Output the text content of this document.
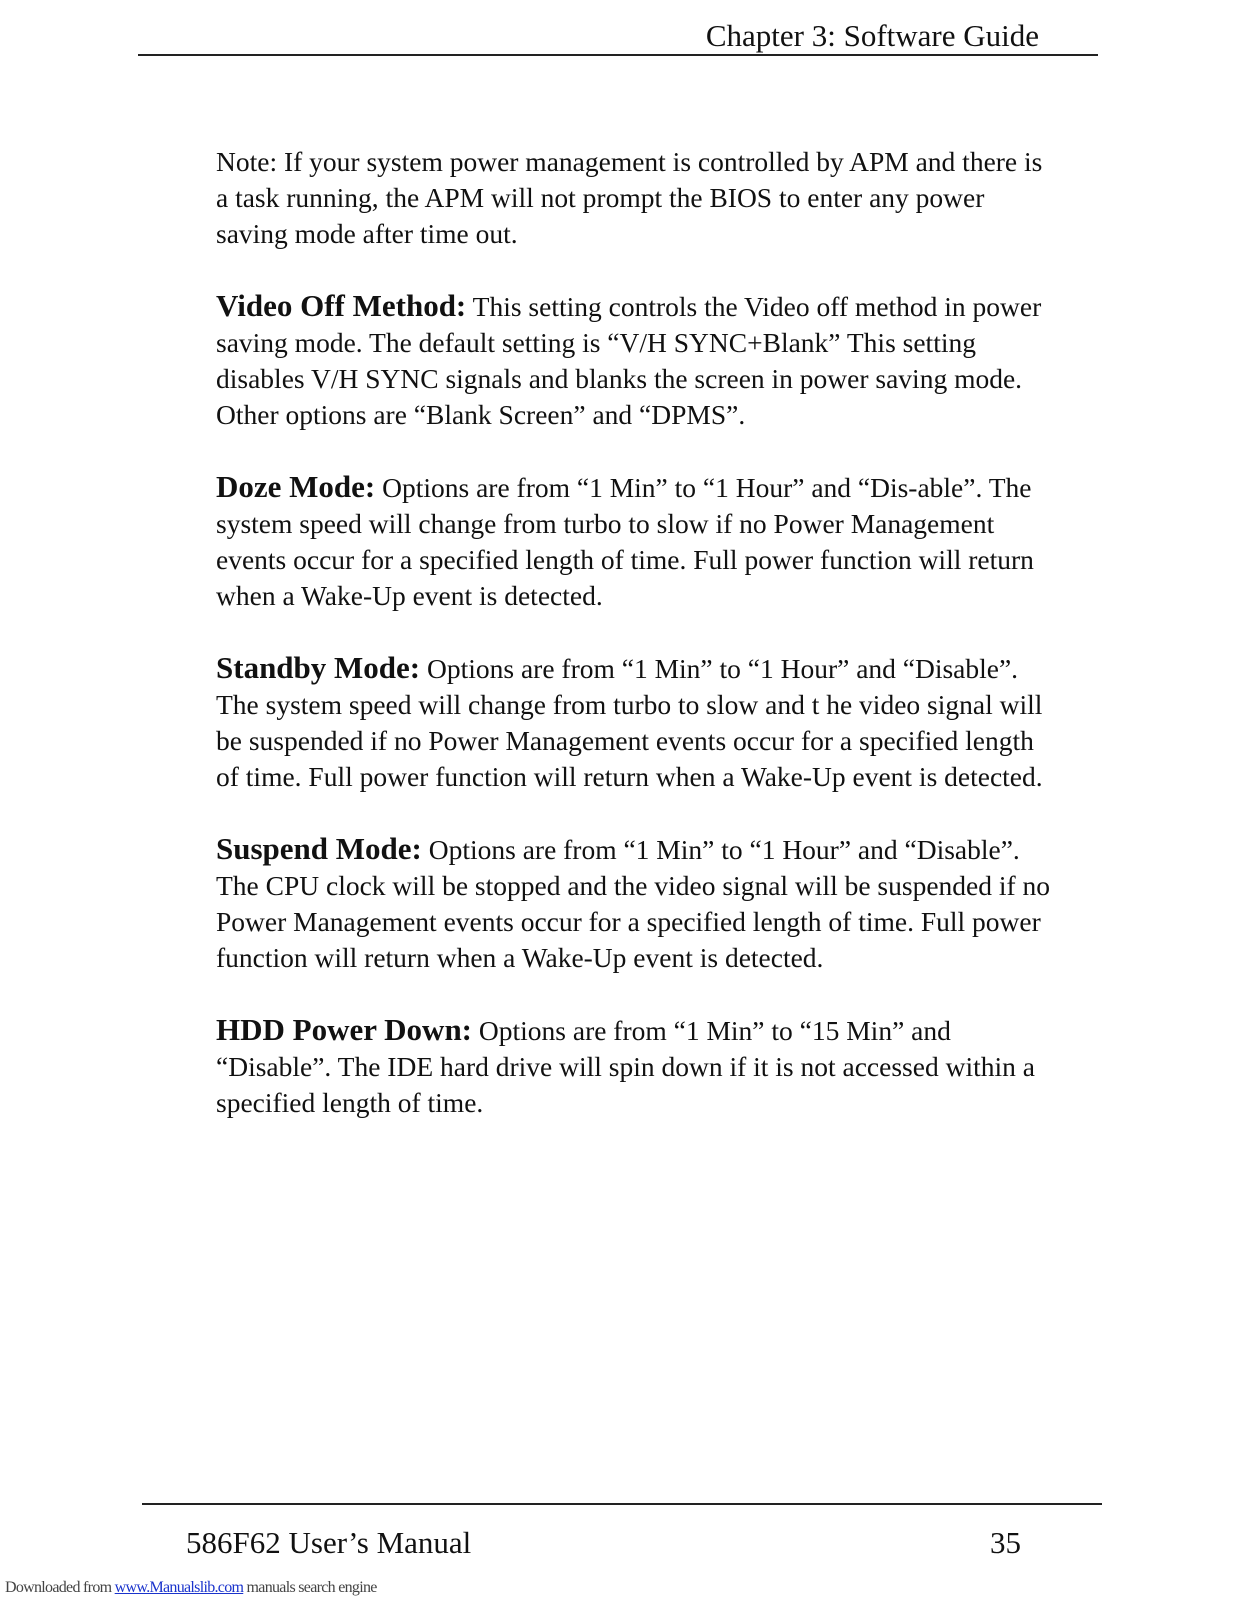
Chapter 3: Software Guide

Note: If your system power management is controlled by APM and there is a task running, the APM will not prompt the BIOS to enter any power saving mode after time out.

Video Off Method: This setting controls the Video off method in power saving mode. The default setting is “V/H SYNC+Blank” This setting disables V/H SYNC signals and blanks the screen in power saving mode. Other options are “Blank Screen” and “DPMS”.

Doze Mode: Options are from “1 Min” to “1 Hour” and “Dis-able”. The system speed will change from turbo to slow if no Power Management events occur for a specified length of time. Full power function will return when a Wake-Up event is detected.

Standby Mode: Options are from “1 Min” to “1 Hour” and “Disable”. The system speed will change from turbo to slow and t he video signal will be suspended if no Power Management events occur for a specified length of time. Full power function will return when a Wake-Up event is detected.

Suspend Mode: Options are from “1 Min” to “1 Hour” and “Disable”. The CPU clock will be stopped and the video signal will be suspended if no Power Management events occur for a specified length of time. Full power function will return when a Wake-Up event is detected.

HDD Power Down: Options are from “1 Min” to “15 Min” and “Disable”. The IDE hard drive will spin down if it is not accessed within a specified length of time.

586F62 User’s Manual	35
Downloaded from www.Manualslib.com manuals search engine
